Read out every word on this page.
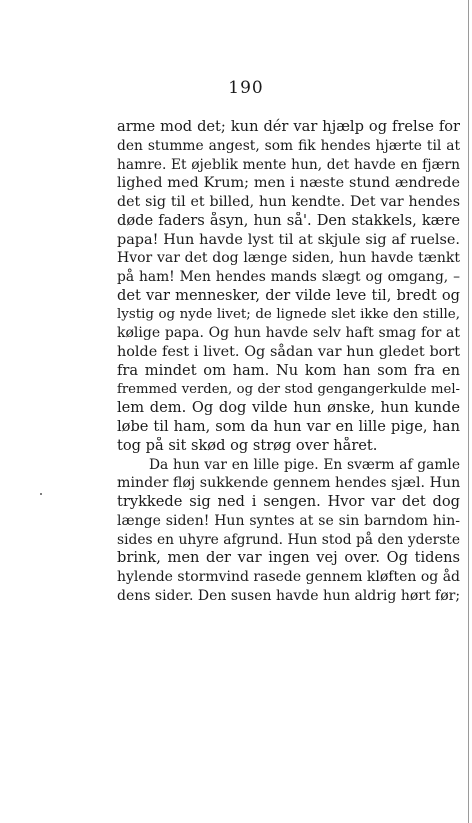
190
arme mod det; kun dér var hjælp og frelse for
den stumme angest, som fik hendes hjærte til at
hamre. Et øjeblik mente hun, det havde en fjærn
lighed med Krum; men i næste stund ændrede
det sig til et billed, hun kendte. Det var hendes
døde faders åsyn, hun så'. Den stakkels, kære
papa! Hun havde lyst til at skjule sig af ruelse.
Hvor var det dog længe siden, hun havde tænkt
på ham! Men hendes mands slægt og omgang, –
det var mennesker, der vilde leve til, bredt og
lystig og nyde livet; de lignede slet ikke den stille,
kølige papa. Og hun havde selv haft smag for at
holde fest i livet. Og sådan var hun gledet bort
fra mindet om ham. Nu kom han som fra en
fremmed verden, og der stod gengangerkulde mel-
lem dem. Og dog vilde hun ønske, hun kunde
løbe til ham, som da hun var en lille pige, han
tog på sit skød og strøg over håret.
Da hun var en lille pige. En sværm af gamle
minder fløj sukkende gennem hendes sjæl. Hun
trykkede sig ned i sengen. Hvor var det dog
længe siden! Hun syntes at se sin barndom hin-
sides en uhyre afgrund. Hun stod på den yderste
brink, men der var ingen vej over. Og tidens
hylende stormvind rasede gennem kløften og åd
dens sider. Den susen havde hun aldrig hørt før;
